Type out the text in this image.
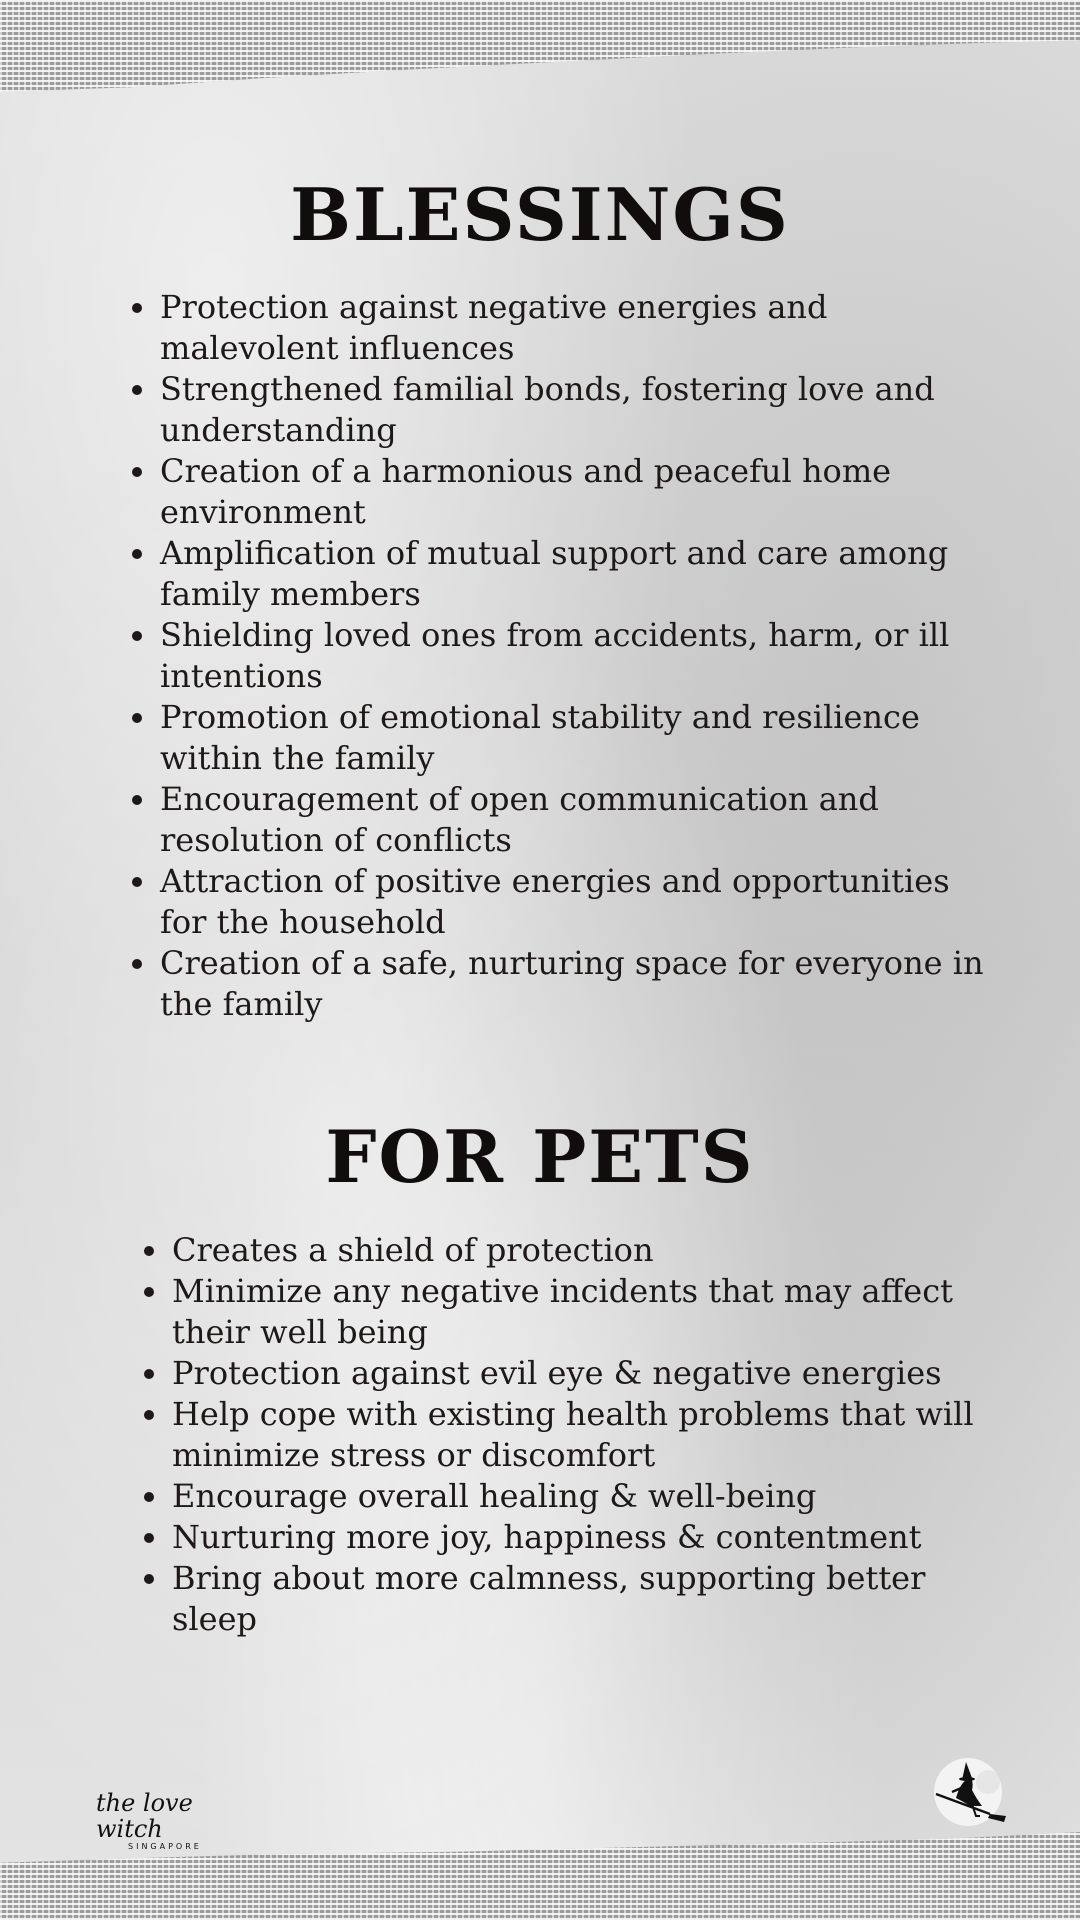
BLESSINGS
Protection against negative energies and malevolent influences
Strengthened familial bonds, fostering love and understanding
Creation of a harmonious and peaceful home environment
Amplification of mutual support and care among family members
Shielding loved ones from accidents, harm, or ill intentions
Promotion of emotional stability and resilience within the family
Encouragement of open communication and resolution of conflicts
Attraction of positive energies and opportunities for the household
Creation of a safe, nurturing space for everyone in the family
FOR PETS
Creates a shield of protection
Minimize any negative incidents that may affect their well being
Protection against evil eye & negative energies
Help cope with existing health problems that will minimize stress or discomfort
Encourage overall healing & well-being
Nurturing more joy, happiness & contentment
Bring about more calmness, supporting better sleep
the love witch
SINGAPORE
